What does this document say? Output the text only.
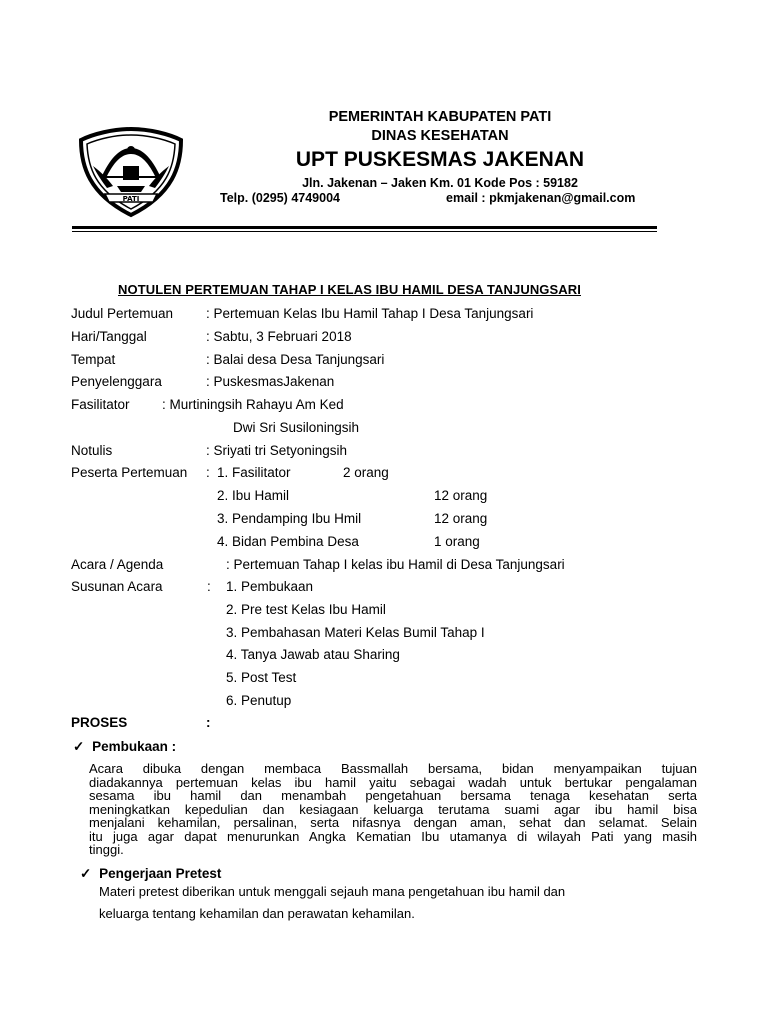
PATI
PEMERINTAH KABUPATEN PATI
DINAS KESEHATAN
UPT PUSKESMAS JAKENAN
Jln. Jakenan – Jaken Km. 01 Kode Pos : 59182
Telp. (0295) 4749004	email : pkmjakenan@gmail.com
NOTULEN PERTEMUAN TAHAP I KELAS IBU HAMIL DESA TANJUNGSARI
Judul Pertemuan : Pertemuan Kelas Ibu Hamil Tahap I Desa Tanjungsari
Hari/Tanggal	: Sabtu, 3 Februari 2018
Tempat	: Balai desa Desa Tanjungsari
Penyelenggara	: PuskesmasJakenan
Fasilitator : Murtiningsih Rahayu Am Ked
Dwi Sri Susiloningsih
Notulis	: Sriyati tri Setyoningsih
Peserta Pertemuan : 1. Fasilitator	2 orang
2. Ibu Hamil	12 orang
3. Pendamping Ibu Hmil	12 orang
4. Bidan Pembina Desa	1 orang
Acara / Agenda	: Pertemuan Tahap I kelas ibu Hamil di Desa Tanjungsari
Susunan Acara	: 1. Pembukaan
2. Pre test Kelas Ibu Hamil
3. Pembahasan Materi Kelas Bumil Tahap I
4. Tanya Jawab atau Sharing
5. Post Test
6. Penutup
PROSES	:
✓ Pembukaan :
Acara dibuka dengan membaca Bassmallah bersama, bidan menyampaikan tujuan
diadakannya pertemuan kelas ibu hamil yaitu sebagai wadah untuk bertukar pengalaman
sesama ibu hamil dan menambah pengetahuan bersama tenaga kesehatan serta
meningkatkan kepedulian dan kesiagaan keluarga terutama suami agar ibu hamil bisa
menjalani kehamilan, persalinan, serta nifasnya dengan aman, sehat dan selamat. Selain
itu juga agar dapat menurunkan Angka Kematian Ibu utamanya di wilayah Pati yang masih
tinggi.
✓ Pengerjaan Pretest
Materi pretest diberikan untuk menggali sejauh mana pengetahuan ibu hamil dan
keluarga tentang kehamilan dan perawatan kehamilan.
